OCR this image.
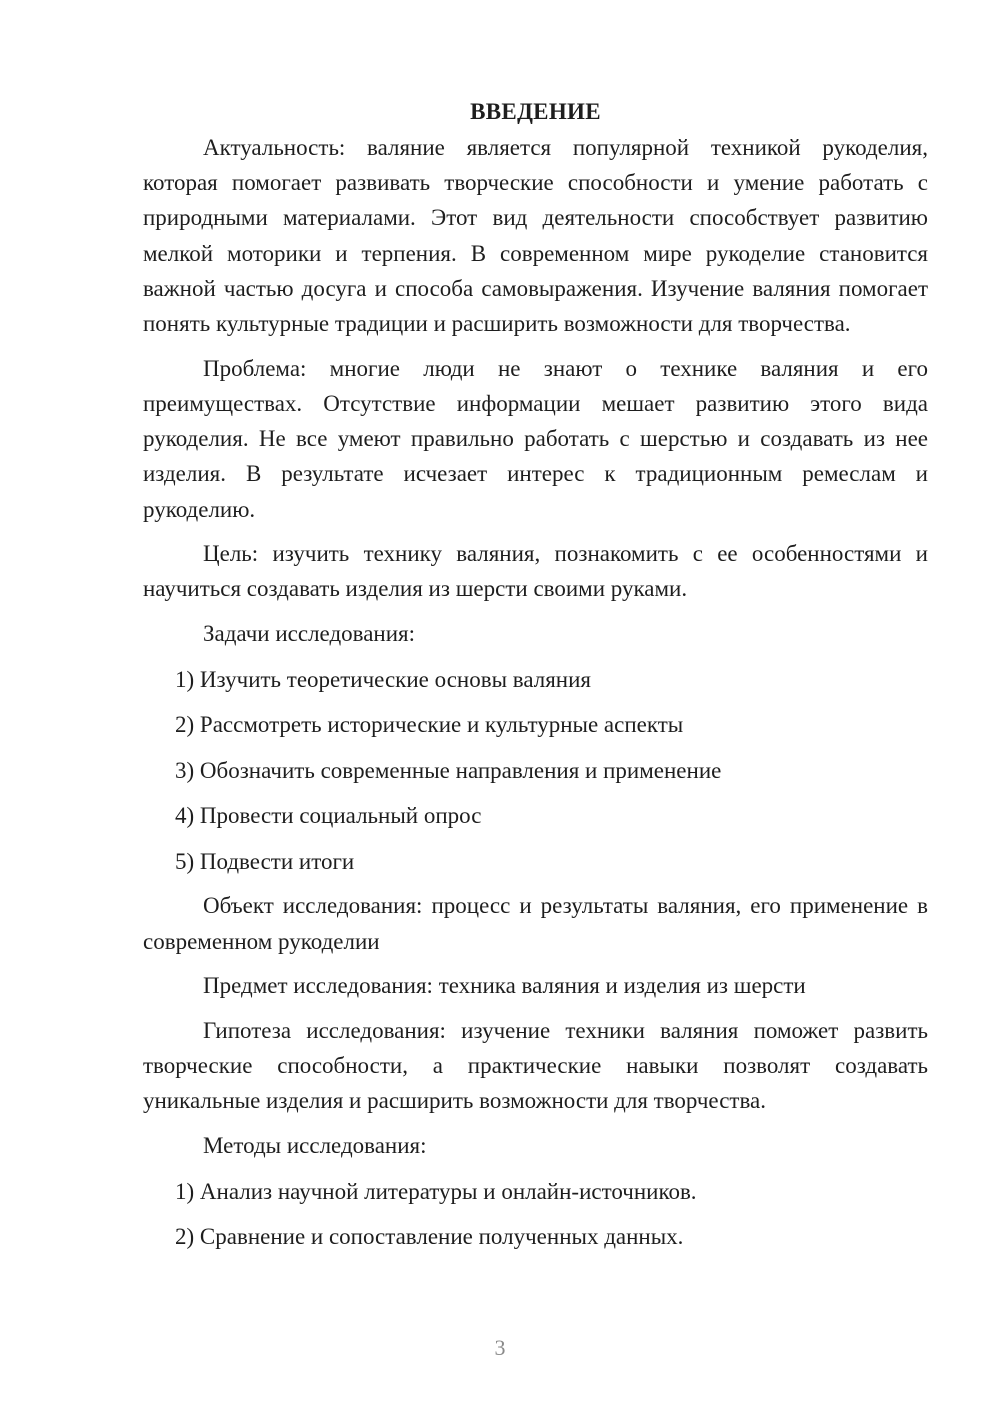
ВВЕДЕНИЕ

Актуальность: валяние является популярной техникой рукоделия, которая помогает развивать творческие способности и умение работать с природными материалами. Этот вид деятельности способствует развитию мелкой моторики и терпения. В современном мире рукоделие становится важной частью досуга и способа самовыражения. Изучение валяния помогает понять культурные традиции и расширить возможности для творчества.

Проблема: многие люди не знают о технике валяния и его преимуществах. Отсутствие информации мешает развитию этого вида рукоделия. Не все умеют правильно работать с шерстью и создавать из нее изделия. В результате исчезает интерес к традиционным ремеслам и рукоделию.

Цель: изучить технику валяния, познакомить с ее особенностями и научиться создавать изделия из шерсти своими руками.

Задачи исследования:

1) Изучить теоретические основы валяния

2) Рассмотреть исторические и культурные аспекты

3) Обозначить современные направления и применение

4) Провести социальный опрос

5) Подвести итоги

Объект исследования: процесс и результаты валяния, его применение в современном рукоделии

Предмет исследования: техника валяния и изделия из шерсти

Гипотеза исследования: изучение техники валяния поможет развить творческие способности, а практические навыки позволят создавать уникальные изделия и расширить возможности для творчества.

Методы исследования:

1) Анализ научной литературы и онлайн-источников.

2) Сравнение и сопоставление полученных данных.

3
